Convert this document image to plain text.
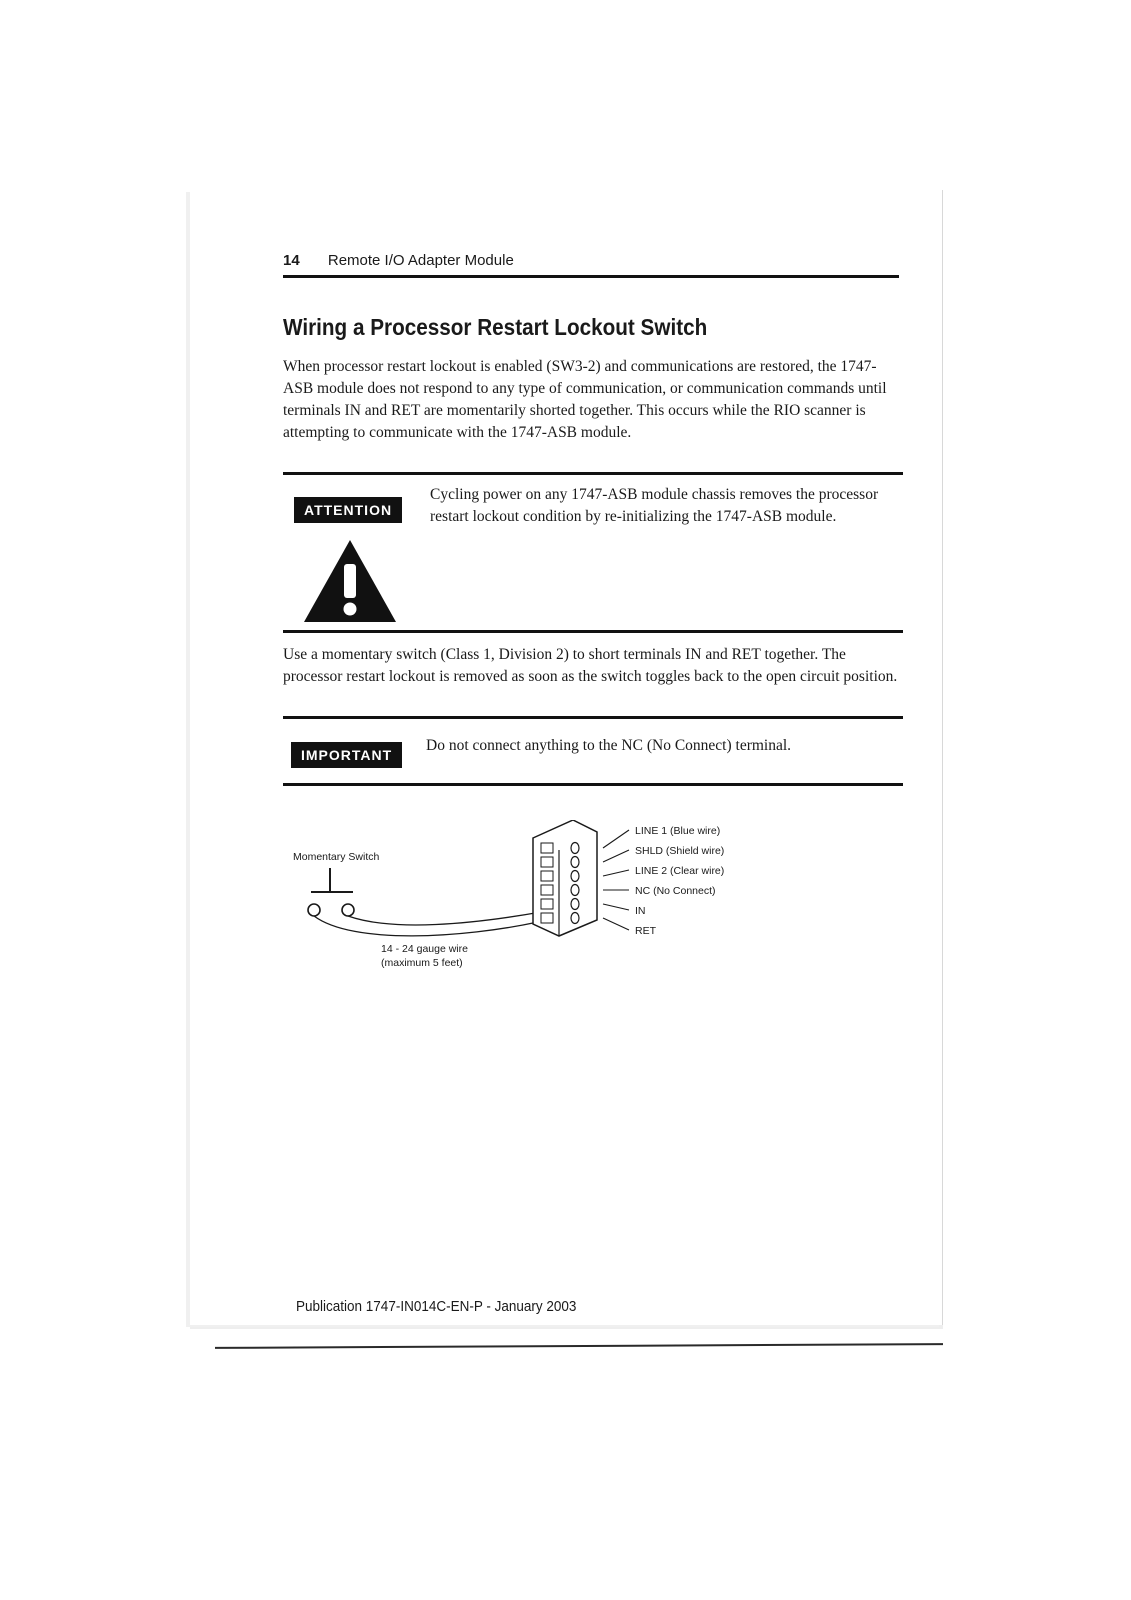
14 Remote I/O Adapter Module
Wiring a Processor Restart Lockout Switch

When processor restart lockout is enabled (SW3-2) and communications are restored, the 1747-ASB module does not respond to any type of communication, or communication commands until terminals IN and RET are momentarily shorted together. This occurs while the RIO scanner is attempting to communicate with the 1747-ASB module.

ATTENTION

Cycling power on any 1747-ASB module chassis removes the processor restart lockout condition by re-initializing the 1747-ASB module.

Use a momentary switch (Class 1, Division 2) to short terminals IN and RET together. The processor restart lockout is removed as soon as the switch toggles back to the open circuit position.

IMPORTANT

Do not connect anything to the NC (No Connect) terminal.

Momentary Switch
14 - 24 gauge wire
(maximum 5 feet)
LINE 1 (Blue wire)
SHLD (Shield wire)
LINE 2 (Clear wire)
NC (No Connect)
IN
RET
Publication 1747-IN014C-EN-P - January 2003
